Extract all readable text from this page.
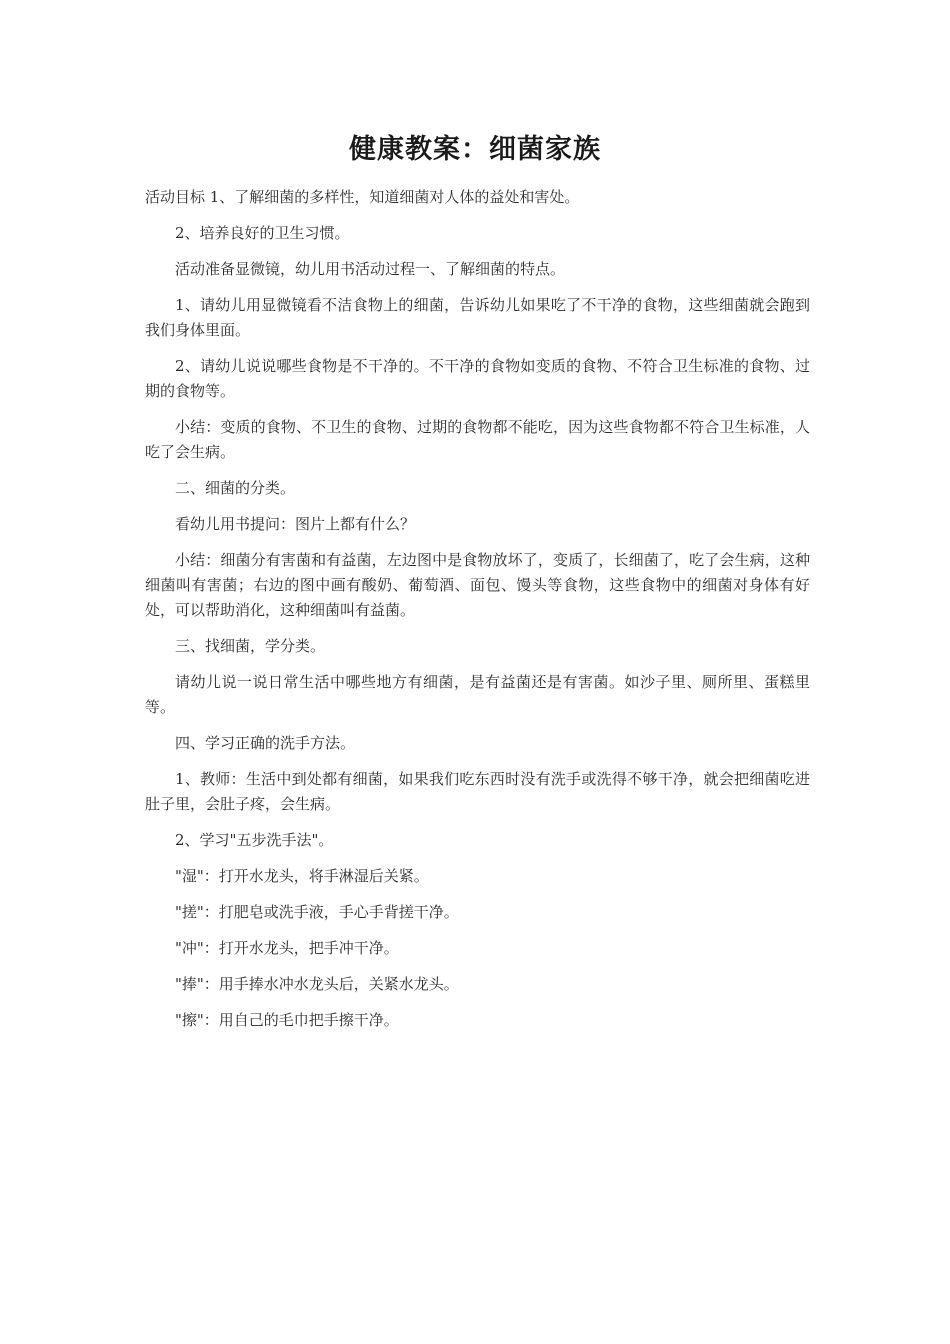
健康教案：细菌家族

活动目标 1、了解细菌的多样性，知道细菌对人体的益处和害处。

2、培养良好的卫生习惯。

活动准备显微镜，幼儿用书活动过程一、了解细菌的特点。

1、请幼儿用显微镜看不洁食物上的细菌，告诉幼儿如果吃了不干净的食物，这些细菌就会跑到我们身体里面。

2、请幼儿说说哪些食物是不干净的。不干净的食物如变质的食物、不符合卫生标准的食物、过期的食物等。

小结：变质的食物、不卫生的食物、过期的食物都不能吃，因为这些食物都不符合卫生标准，人吃了会生病。

二、细菌的分类。

看幼儿用书提问：图片上都有什么？

小结：细菌分有害菌和有益菌，左边图中是食物放坏了，变质了，长细菌了，吃了会生病，这种细菌叫有害菌；右边的图中画有酸奶、葡萄酒、面包、馒头等食物，这些食物中的细菌对身体有好处，可以帮助消化，这种细菌叫有益菌。

三、找细菌，学分类。

请幼儿说一说日常生活中哪些地方有细菌，是有益菌还是有害菌。如沙子里、厕所里、蛋糕里等。

四、学习正确的洗手方法。

1、教师：生活中到处都有细菌，如果我们吃东西时没有洗手或洗得不够干净，就会把细菌吃进肚子里，会肚子疼，会生病。

2、学习"五步洗手法"。

"湿"：打开水龙头，将手淋湿后关紧。

"搓"：打肥皂或洗手液，手心手背搓干净。

"冲"：打开水龙头，把手冲干净。

"捧"：用手捧水冲水龙头后，关紧水龙头。

"擦"：用自己的毛巾把手擦干净。
